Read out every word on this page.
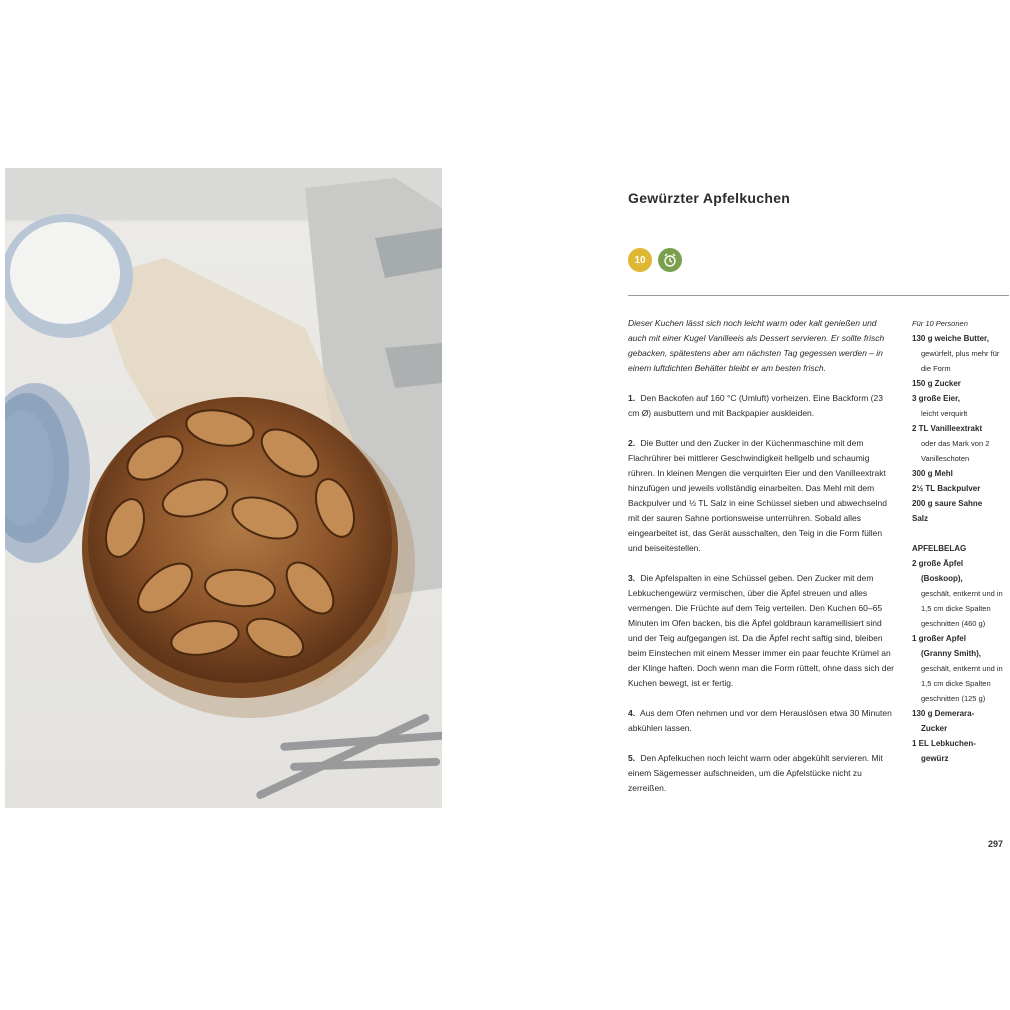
Gewürzter Apfelkuchen
10

Dieser Kuchen lässt sich noch leicht warm oder kalt genießen und auch mit einer Kugel Vanilleeis als Dessert servieren. Er sollte frisch gebacken, spätestens aber am nächsten Tag gegessen werden – in einem luftdichten Behälter bleibt er am besten frisch.

1. Den Backofen auf 160 °C (Umluft) vorheizen. Eine Backform (23 cm Ø) ausbuttern und mit Backpapier auskleiden.

2. Die Butter und den Zucker in der Küchenmaschine mit dem Flachrührer bei mittlerer Geschwindigkeit hellgelb und schaumig rühren. In kleinen Mengen die verquirlten Eier und den Vanilleextrakt hinzufügen und jeweils vollständig einarbeiten. Das Mehl mit dem Backpulver und ½ TL Salz in eine Schüssel sieben und abwechselnd mit der sauren Sahne portionsweise unterrühren. Sobald alles eingearbeitet ist, das Gerät ausschalten, den Teig in die Form füllen und beiseitestellen.

3. Die Apfelspalten in eine Schüssel geben. Den Zucker mit dem Lebkuchengewürz vermischen, über die Äpfel streuen und alles vermengen. Die Früchte auf dem Teig verteilen. Den Kuchen 60–65 Minuten im Ofen backen, bis die Äpfel goldbraun karamellisiert sind und der Teig aufgegangen ist. Da die Äpfel recht saftig sind, bleiben beim Einstechen mit einem Messer immer ein paar feuchte Krümel an der Klinge haften. Doch wenn man die Form rüttelt, ohne dass sich der Kuchen bewegt, ist er fertig.

4. Aus dem Ofen nehmen und vor dem Herauslösen etwa 30 Minuten abkühlen lassen.

5. Den Apfelkuchen noch leicht warm oder abgekühlt servieren. Mit einem Sägemesser aufschneiden, um die Apfelstücke nicht zu zerreißen.

Für 10 Personen
130 g weiche Butter,
gewürfelt, plus mehr für die Form
150 g Zucker
3 große Eier,
leicht verquirlt
2 TL Vanilleextrakt
oder das Mark von 2 Vanilleschoten
300 g Mehl
2½ TL Backpulver
200 g saure Sahne
Salz
APFELBELAG
2 große Äpfel
(Boskoop),
geschält, entkernt und in 1,5 cm dicke Spalten geschnitten (460 g)
1 großer Apfel
(Granny Smith),
geschält, entkernt und in 1,5 cm dicke Spalten geschnitten (125 g)
130 g Demerara-
Zucker
1 EL Lebkuchen-
gewürz
297
